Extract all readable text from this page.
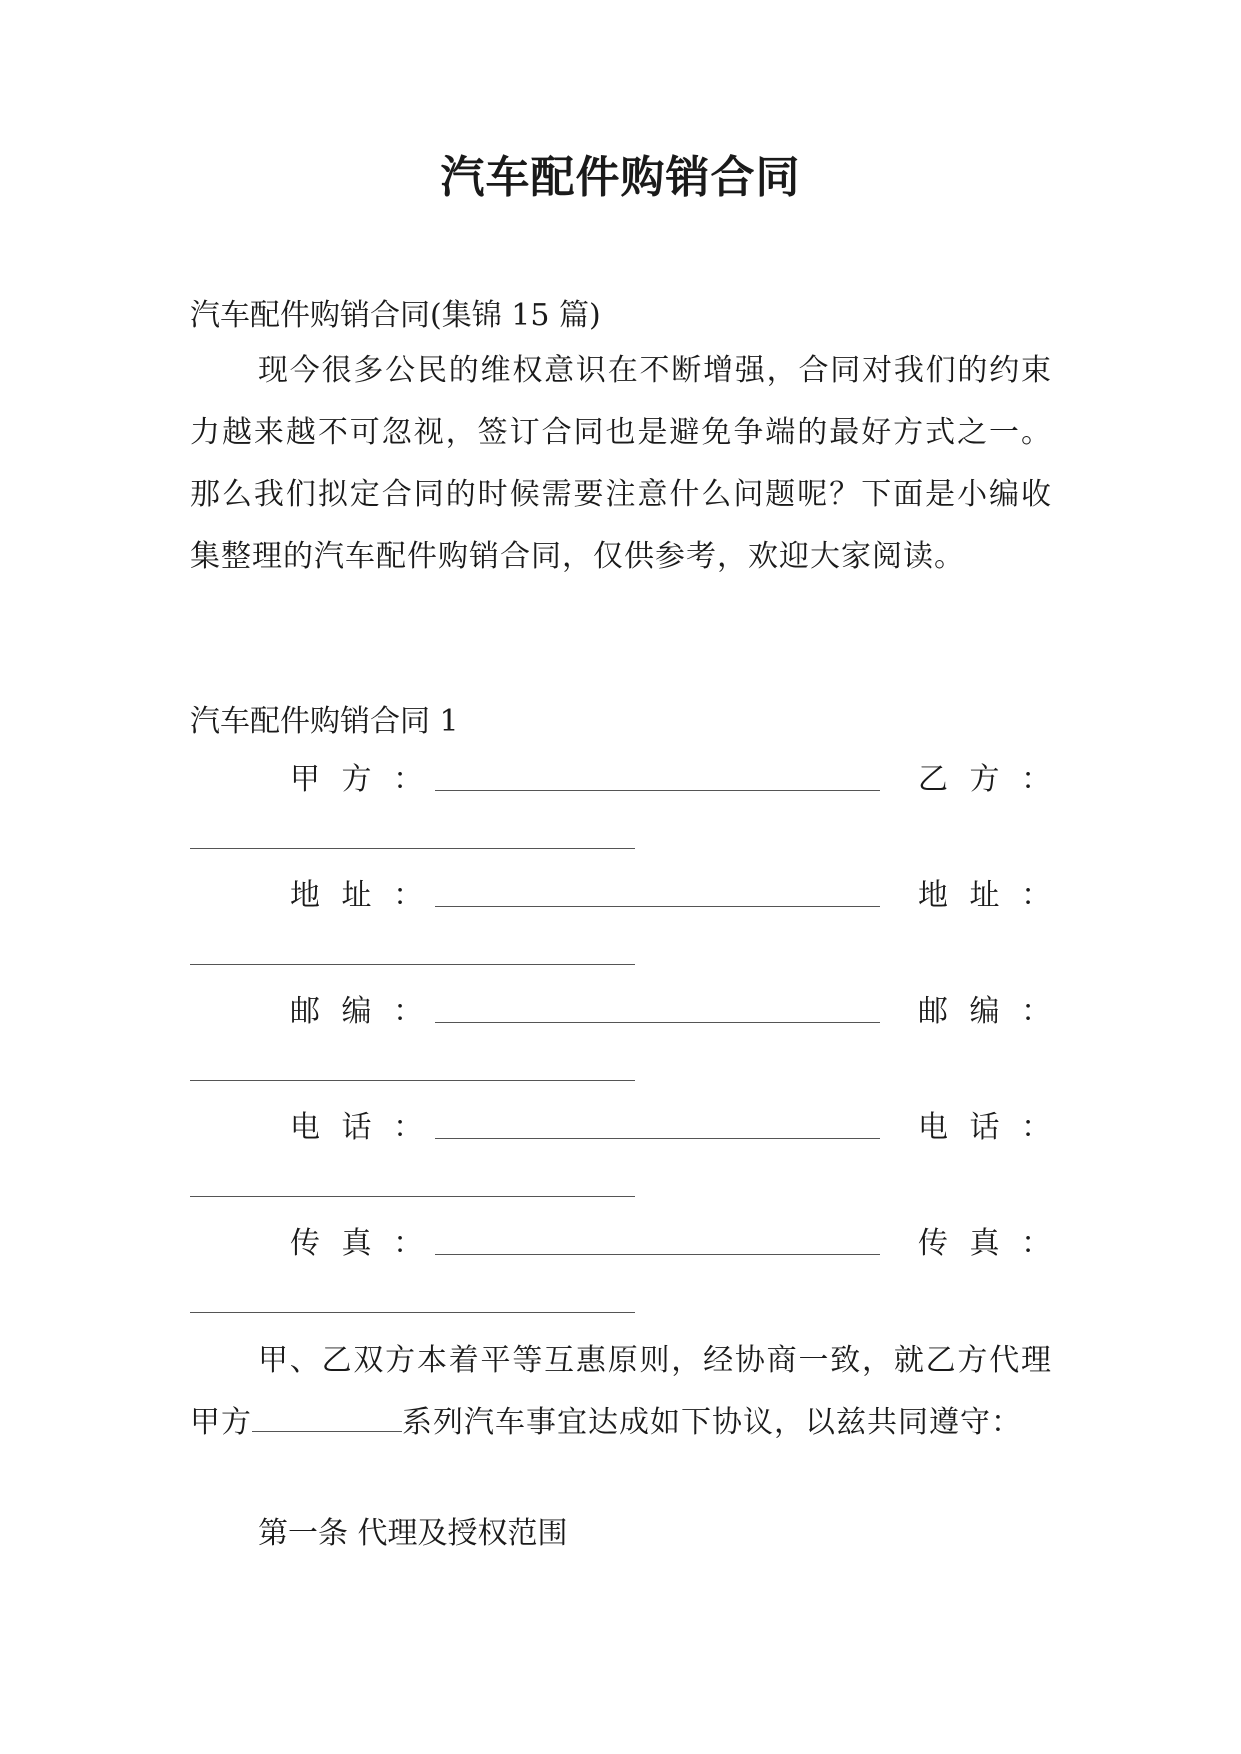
汽车配件购销合同
汽车配件购销合同(集锦 15 篇)
现今很多公民的维权意识在不断增强，合同对我们的约束力越来越不可忽视，签订合同也是避免争端的最好方式之一。那么我们拟定合同的时候需要注意什么问题呢？下面是小编收集整理的汽车配件购销合同，仅供参考，欢迎大家阅读。
汽车配件购销合同 1
甲 方 ：	乙 方 ：
地 址 ：	地 址 ：
邮 编 ：	邮 编 ：
电 话 ：	电 话 ：
传 真 ：	传 真 ：
甲、乙双方本着平等互惠原则，经协商一致，就乙方代理甲方	系列汽车事宜达成如下协议，以兹共同遵守：
第一条 代理及授权范围
